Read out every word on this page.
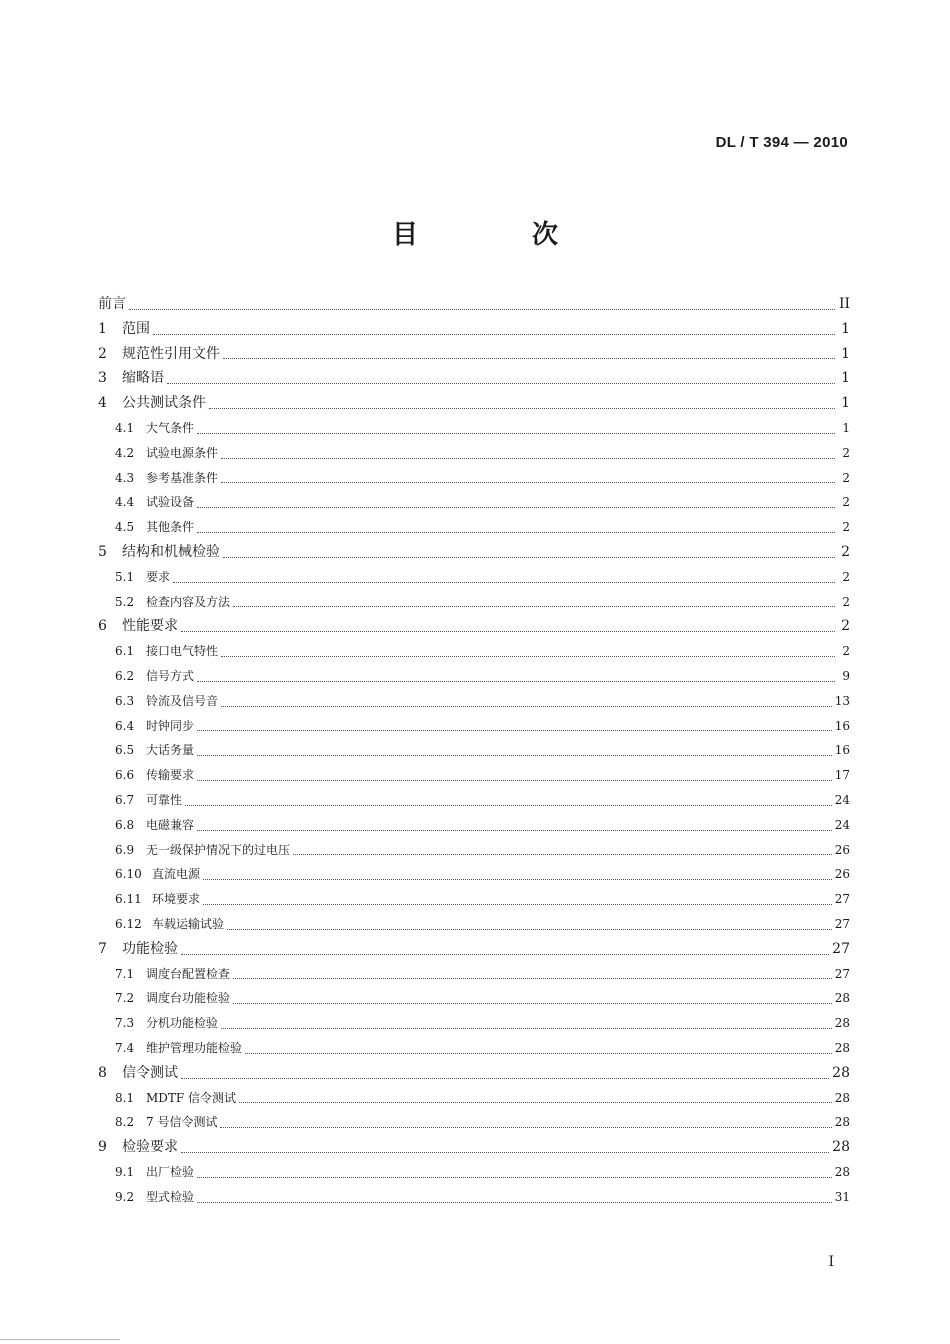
DL / T 394 — 2010
目　次
前言	II
1	范围	1
2	规范性引用文件	1
3	缩略语	1
4	公共测试条件	1
4.1 大气条件	1
4.2 试验电源条件	2
4.3 参考基准条件	2
4.4 试验设备	2
4.5 其他条件	2
5	结构和机械检验	2
5.1 要求	2
5.2 检查内容及方法	2
6	性能要求	2
6.1 接口电气特性	2
6.2 信号方式	9
6.3 铃流及信号音	13
6.4 时钟同步	16
6.5 大话务量	16
6.6 传输要求	17
6.7 可靠性	24
6.8 电磁兼容	24
6.9 无一级保护情况下的过电压	26
6.10 直流电源	26
6.11 环境要求	27
6.12 车载运输试验	27
7	功能检验	27
7.1 调度台配置检查	27
7.2 调度台功能检验	28
7.3 分机功能检验	28
7.4 维护管理功能检验	28
8	信令测试	28
8.1 MDTF 信令测试	28
8.2 7 号信令测试	28
9	检验要求	28
9.1 出厂检验	28
9.2 型式检验	31
I
